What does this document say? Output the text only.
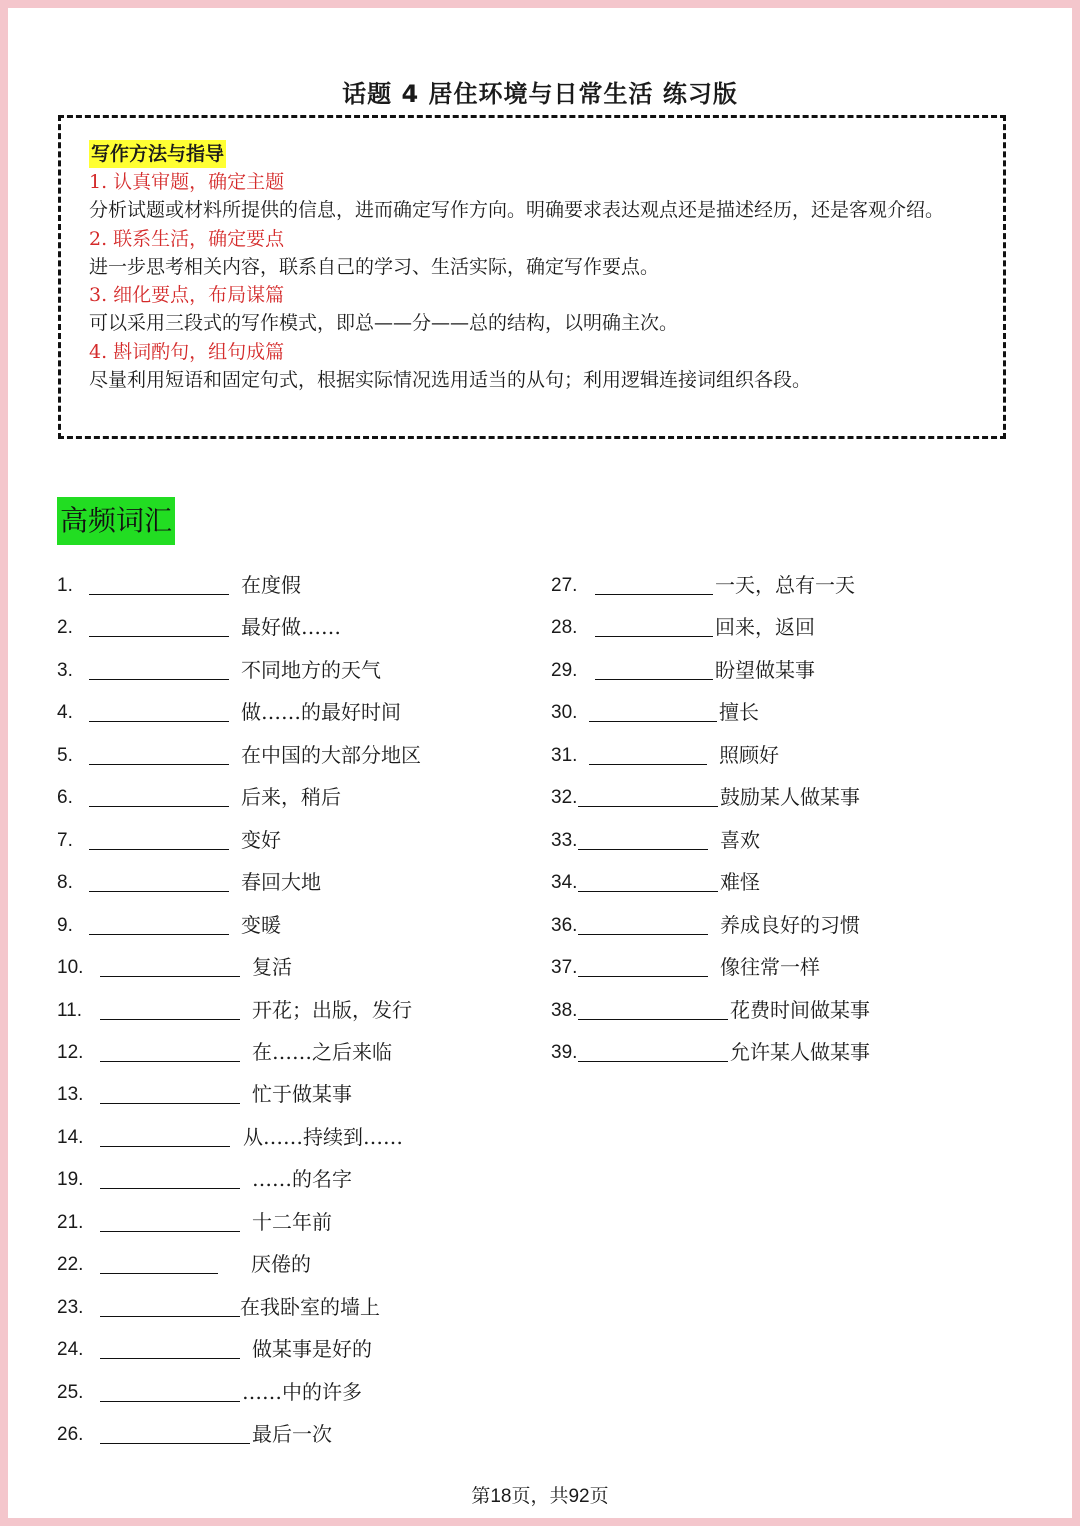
话题 4 居住环境与日常生活 练习版
写作方法与指导
1. 认真审题，确定主题
分析试题或材料所提供的信息，进而确定写作方向。明确要求表达观点还是描述经历，还是客观介绍。
2. 联系生活，确定要点
进一步思考相关内容，联系自己的学习、生活实际，确定写作要点。
3. 细化要点，布局谋篇
可以采用三段式的写作模式，即总——分——总的结构，以明确主次。
4. 斟词酌句，组句成篇
尽量利用短语和固定句式，根据实际情况选用适当的从句；利用逻辑连接词组织各段。
高频词汇
1.	在度假
2.	最好做……
3.	不同地方的天气
4.	做……的最好时间
5.	在中国的大部分地区
6.	后来，稍后
7.	变好
8.	春回大地
9.	变暖
10.	复活
11.	开花；出版，发行
12.	在……之后来临
13.	忙于做某事
14.	从……持续到……
19.	……的名字
21.	十二年前
22.	厌倦的
23.	在我卧室的墙上
24.	做某事是好的
25.	……中的许多
26.	最后一次
27.	一天，总有一天
28.	回来，返回
29.	盼望做某事
30.	擅长
31.	照顾好
32.	鼓励某人做某事
33.	喜欢
34.	难怪
36.	养成良好的习惯
37.	像往常一样
38.	花费时间做某事
39.	允许某人做某事
第18页，共92页
